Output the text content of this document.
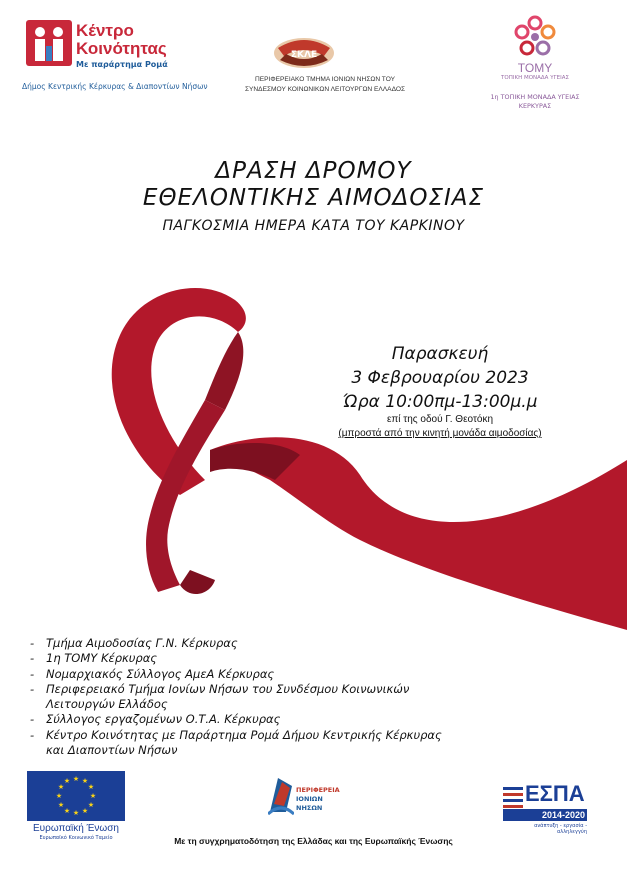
Κέντρο
Κοινότητας
Με παράρτημα Ρομά
Δήμος Κεντρικής Κέρκυρας & Διαποντίων Νήσων
ΣΚΛΕ
ΠΕΡΙΦΕΡΕΙΑΚΟ ΤΜΗΜΑ ΙΟΝΙΩΝ ΝΗΣΩΝ ΤΟΥ
ΣΥΝΔΕΣΜΟΥ ΚΟΙΝΩΝΙΚΩΝ ΛΕΙΤΟΥΡΓΩΝ ΕΛΛΑΔΟΣ
ΤΟΜΥ
ΤΟΠΙΚΗ ΜΟΝΑΔΑ ΥΓΕΙΑΣ
1η ΤΟΠΙΚΗ ΜΟΝΑΔΑ ΥΓΕΙΑΣ
ΚΕΡΚΥΡΑΣ
ΔΡΑΣΗ ΔΡΟΜΟΥ
ΕΘΕΛΟΝΤΙΚΗΣ ΑΙΜΟΔΟΣΙΑΣ
ΠΑΓΚΟΣΜΙΑ ΗΜΕΡΑ ΚΑΤΑ ΤΟΥ ΚΑΡΚΙΝΟΥ
Παρασκευή
3 Φεβρουαρίου 2023
Ώρα 10:00πμ-13:00μ.μ
επί της οδού Γ. Θεοτόκη
(μπροστά από την κινητή μονάδα αιμοδοσίας)
-	Τμήμα Αιμοδοσίας Γ.Ν. Κέρκυρας
-	1η ΤΟΜΥ Κέρκυρας
-	Νομαρχιακός Σύλλογος ΑμεΑ Κέρκυρας
-	Περιφερειακό Τμήμα Ιονίων Νήσων του Συνδέσμου Κοινωνικών Λειτουργών Ελλάδος
-	Σύλλογος εργαζομένων Ο.Τ.Α. Κέρκυρας
-	Κέντρο Κοινότητας με Παράρτημα Ρομά Δήμου Κεντρικής Κέρκυρας και Διαποντίων Νήσων
★ ★
★
★
★
★
★
★
★
★
★
★
Ευρωπαϊκή Ένωση
Ευρωπαϊκό Κοινωνικό Ταμείο
ΠΕΡΙΦΕΡΕΙΑ
ΙΟΝΙΩΝ
ΝΗΣΩΝ
ΕΣΠΑ
2014-2020
ανάπτυξη - εργασία - αλληλεγγύη
Με τη συγχρηματοδότηση της Ελλάδας και της Ευρωπαϊκής Ένωσης
